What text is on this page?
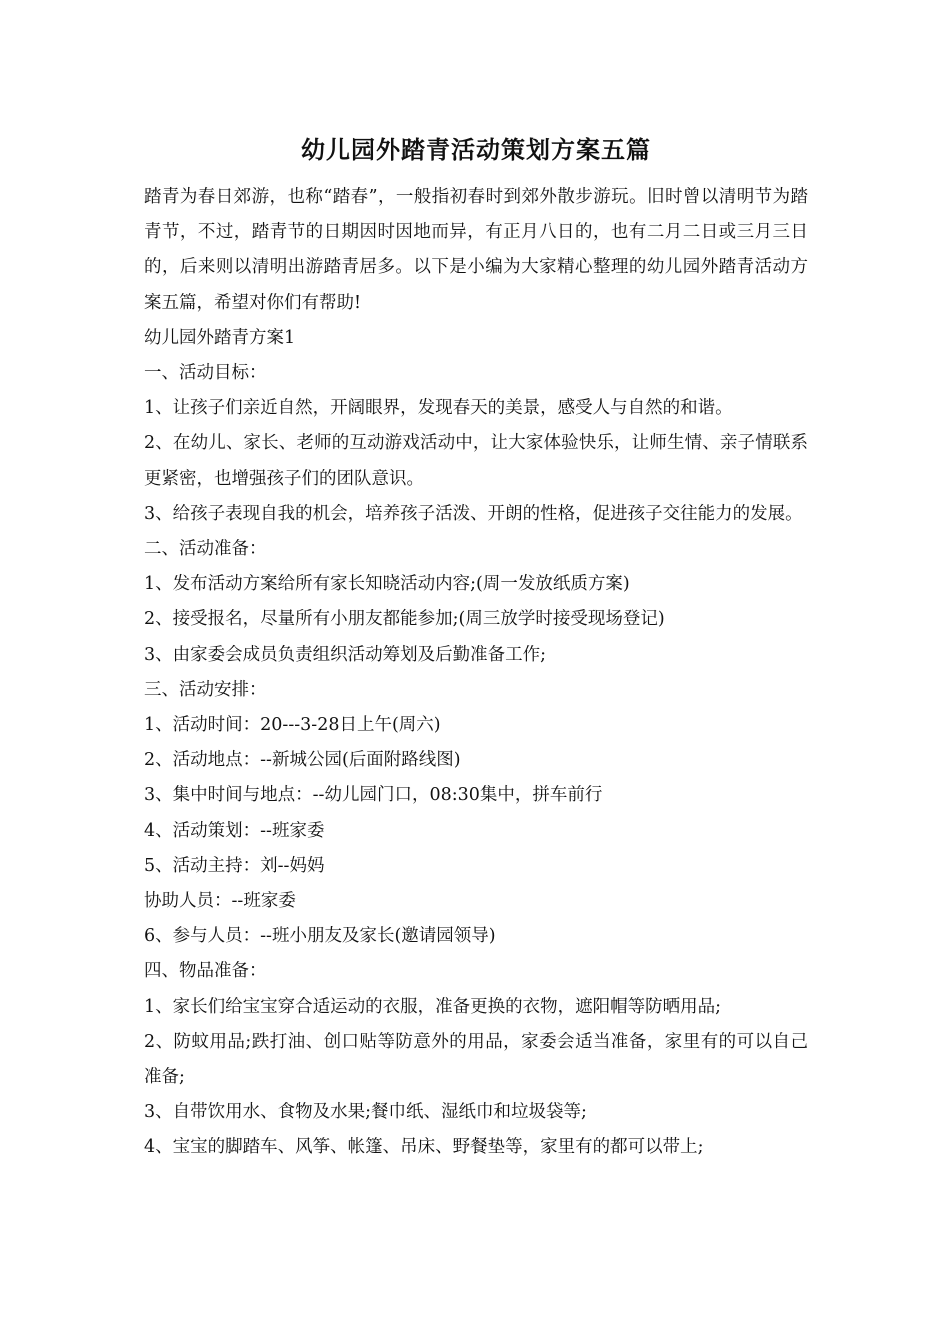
幼儿园外踏青活动策划方案五篇

踏青为春日郊游，也称“踏春”，一般指初春时到郊外散步游玩。旧时曾以清明节为踏青节，不过，踏青节的日期因时因地而异，有正月八日的，也有二月二日或三月三日的，后来则以清明出游踏青居多。以下是小编为大家精心整理的幼儿园外踏青活动方案五篇，希望对你们有帮助!

幼儿园外踏青方案1

一、活动目标：

1、让孩子们亲近自然，开阔眼界，发现春天的美景，感受人与自然的和谐。

2、在幼儿、家长、老师的互动游戏活动中，让大家体验快乐，让师生情、亲子情联系更紧密，也增强孩子们的团队意识。

3、给孩子表现自我的机会，培养孩子活泼、开朗的性格，促进孩子交往能力的发展。

二、活动准备：

1、发布活动方案给所有家长知晓活动内容;(周一发放纸质方案)

2、接受报名，尽量所有小朋友都能参加;(周三放学时接受现场登记)

3、由家委会成员负责组织活动筹划及后勤准备工作;

三、活动安排：

1、活动时间：20---3-28日上午(周六)

2、活动地点：--新城公园(后面附路线图)

3、集中时间与地点：--幼儿园门口，08:30集中，拼车前行

4、活动策划：--班家委

5、活动主持：刘--妈妈

协助人员：--班家委

6、参与人员：--班小朋友及家长(邀请园领导)

四、物品准备：

1、家长们给宝宝穿合适运动的衣服，准备更换的衣物，遮阳帽等防晒用品;

2、防蚊用品;跌打油、创口贴等防意外的用品，家委会适当准备，家里有的可以自己准备;

3、自带饮用水、食物及水果;餐巾纸、湿纸巾和垃圾袋等;

4、宝宝的脚踏车、风筝、帐篷、吊床、野餐垫等，家里有的都可以带上;
